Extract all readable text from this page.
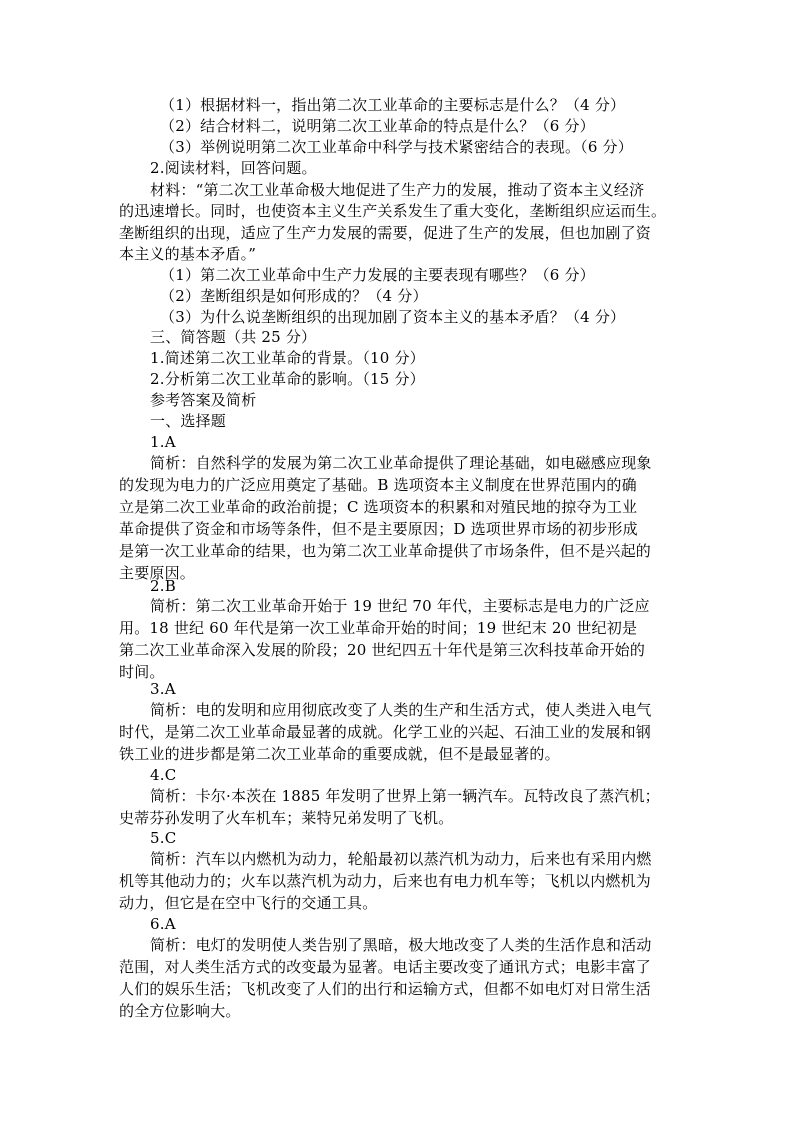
（1）根据材料一，指出第二次工业革命的主要标志是什么？（4 分）
（2）结合材料二，说明第二次工业革命的特点是什么？（6 分）
（3）举例说明第二次工业革命中科学与技术紧密结合的表现。（6 分）
2.阅读材料，回答问题。
材料：“第二次工业革命极大地促进了生产力的发展，推动了资本主义经济
的迅速增长。同时，也使资本主义生产关系发生了重大变化，垄断组织应运而生。
垄断组织的出现，适应了生产力发展的需要，促进了生产的发展，但也加剧了资
本主义的基本矛盾。”
（1）第二次工业革命中生产力发展的主要表现有哪些？（6 分）
（2）垄断组织是如何形成的？（4 分）
（3）为什么说垄断组织的出现加剧了资本主义的基本矛盾？（4 分）
三、简答题（共 25 分）
1.简述第二次工业革命的背景。（10 分）
2.分析第二次工业革命的影响。（15 分）
参考答案及简析
一、选择题
1.A
简析：自然科学的发展为第二次工业革命提供了理论基础，如电磁感应现象
的发现为电力的广泛应用奠定了基础。B 选项资本主义制度在世界范围内的确
立是第二次工业革命的政治前提；C 选项资本的积累和对殖民地的掠夺为工业
革命提供了资金和市场等条件，但不是主要原因；D 选项世界市场的初步形成
是第一次工业革命的结果，也为第二次工业革命提供了市场条件，但不是兴起的
主要原因。
2.B
简析：第二次工业革命开始于 19 世纪 70 年代，主要标志是电力的广泛应
用。18 世纪 60 年代是第一次工业革命开始的时间；19 世纪末 20 世纪初是
第二次工业革命深入发展的阶段；20 世纪四五十年代是第三次科技革命开始的
时间。
3.A
简析：电的发明和应用彻底改变了人类的生产和生活方式，使人类进入电气
时代，是第二次工业革命最显著的成就。化学工业的兴起、石油工业的发展和钢
铁工业的进步都是第二次工业革命的重要成就，但不是最显著的。
4.C
简析：卡尔·本茨在 1885 年发明了世界上第一辆汽车。瓦特改良了蒸汽机；
史蒂芬孙发明了火车机车；莱特兄弟发明了飞机。
5.C
简析：汽车以内燃机为动力，轮船最初以蒸汽机为动力，后来也有采用内燃
机等其他动力的；火车以蒸汽机为动力，后来也有电力机车等；飞机以内燃机为
动力，但它是在空中飞行的交通工具。
6.A
简析：电灯的发明使人类告别了黑暗，极大地改变了人类的生活作息和活动
范围，对人类生活方式的改变最为显著。电话主要改变了通讯方式；电影丰富了
人们的娱乐生活；飞机改变了人们的出行和运输方式，但都不如电灯对日常生活
的全方位影响大。
